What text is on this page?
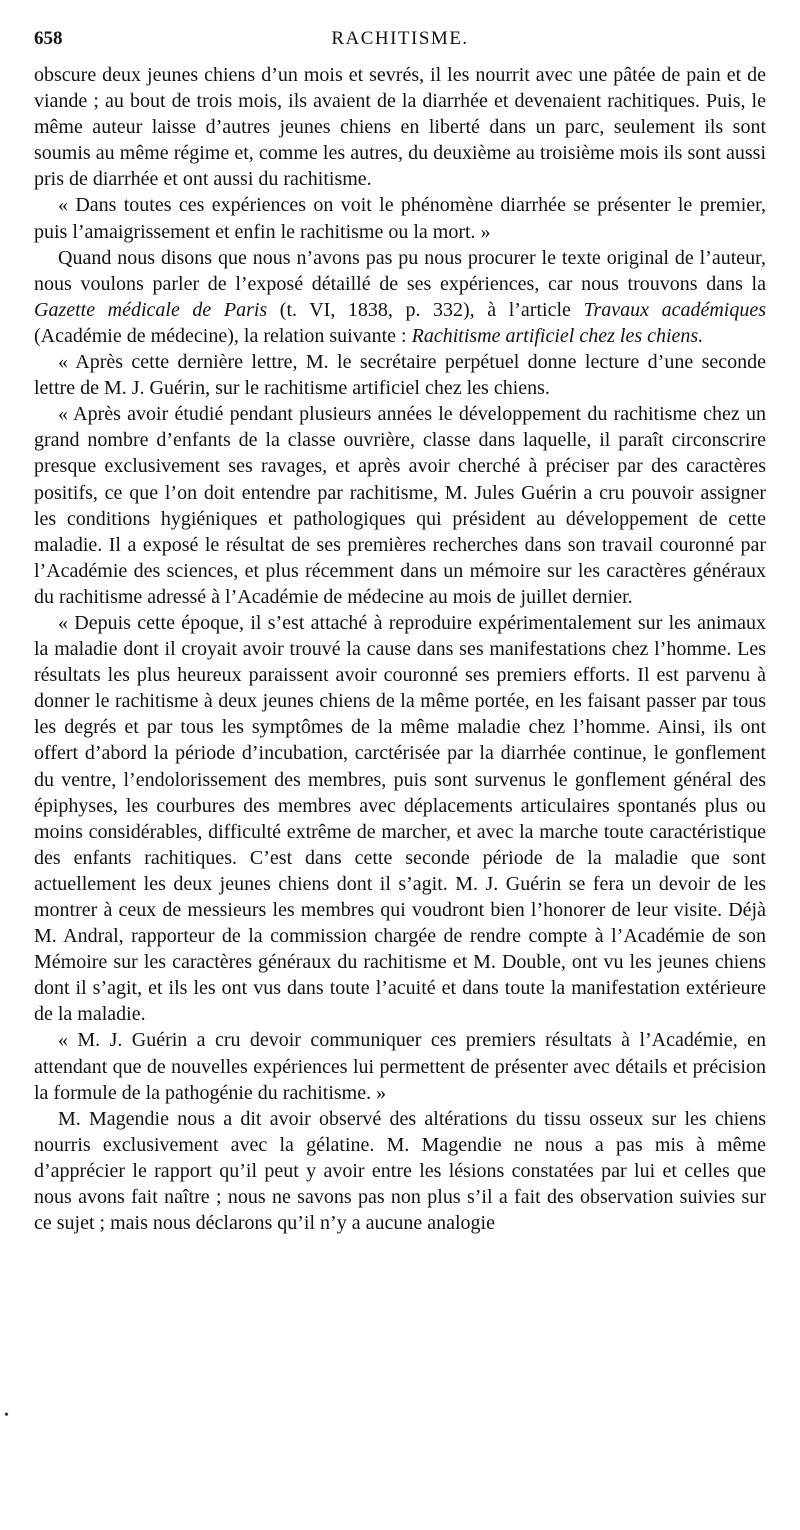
658	RACHITISME.

obscure deux jeunes chiens d’un mois et sevrés, il les nourrit avec une pâtée de pain et de viande ; au bout de trois mois, ils avaient de la diarrhée et devenaient rachitiques. Puis, le même auteur laisse d’autres jeunes chiens en liberté dans un parc, seulement ils sont soumis au même régime et, comme les autres, du deuxième au troisième mois ils sont aussi pris de diarrhée et ont aussi du rachitisme.

« Dans toutes ces expériences on voit le phénomène diarrhée se présenter le premier, puis l’amaigrissement et enfin le rachitisme ou la mort. »

Quand nous disons que nous n’avons pas pu nous procurer le texte original de l’auteur, nous voulons parler de l’exposé détaillé de ses expériences, car nous trouvons dans la Gazette médicale de Paris (t. VI, 1838, p. 332), à l’article Travaux académiques (Académie de médecine), la relation suivante : Rachitisme artificiel chez les chiens.

« Après cette dernière lettre, M. le secrétaire perpétuel donne lecture d’une seconde lettre de M. J. Guérin, sur le rachitisme artificiel chez les chiens.

« Après avoir étudié pendant plusieurs années le développement du rachitisme chez un grand nombre d’enfants de la classe ouvrière, classe dans laquelle, il paraît circonscrire presque exclusivement ses ravages, et après avoir cherché à préciser par des caractères positifs, ce que l’on doit entendre par rachitisme, M. Jules Guérin a cru pouvoir assigner les conditions hygiéniques et pathologiques qui président au développement de cette maladie. Il a exposé le résultat de ses premières recherches dans son travail couronné par l’Académie des sciences, et plus récemment dans un mémoire sur les caractères généraux du rachitisme adressé à l’Académie de médecine au mois de juillet dernier.

« Depuis cette époque, il s’est attaché à reproduire expérimentalement sur les animaux la maladie dont il croyait avoir trouvé la cause dans ses manifestations chez l’homme. Les résultats les plus heureux paraissent avoir couronné ses premiers efforts. Il est parvenu à donner le rachitisme à deux jeunes chiens de la même portée, en les faisant passer par tous les degrés et par tous les symptômes de la même maladie chez l’homme. Ainsi, ils ont offert d’abord la période d’incubation, carctérisée par la diarrhée continue, le gonflement du ventre, l’endolorissement des membres, puis sont survenus le gonflement général des épiphyses, les courbures des membres avec déplacements articulaires spontanés plus ou moins considérables, difficulté extrême de marcher, et avec la marche toute caractéristique des enfants rachitiques. C’est dans cette seconde période de la maladie que sont actuellement les deux jeunes chiens dont il s’agit. M. J. Guérin se fera un devoir de les montrer à ceux de messieurs les membres qui voudront bien l’honorer de leur visite. Déjà M. Andral, rapporteur de la commission chargée de rendre compte à l’Académie de son Mémoire sur les caractères généraux du rachitisme et M. Double, ont vu les jeunes chiens dont il s’agit, et ils les ont vus dans toute l’acuité et dans toute la manifestation extérieure de la maladie.

« M. J. Guérin a cru devoir communiquer ces premiers résultats à l’Académie, en attendant que de nouvelles expériences lui permettent de présenter avec détails et précision la formule de la pathogénie du rachitisme. »

M. Magendie nous a dit avoir observé des altérations du tissu osseux sur les chiens nourris exclusivement avec la gélatine. M. Magendie ne nous a pas mis à même d’apprécier le rapport qu’il peut y avoir entre les lésions constatées par lui et celles que nous avons fait naître ; nous ne savons pas non plus s’il a fait des observation suivies sur ce sujet ; mais nous déclarons qu’il n’y a aucune analogie

•
